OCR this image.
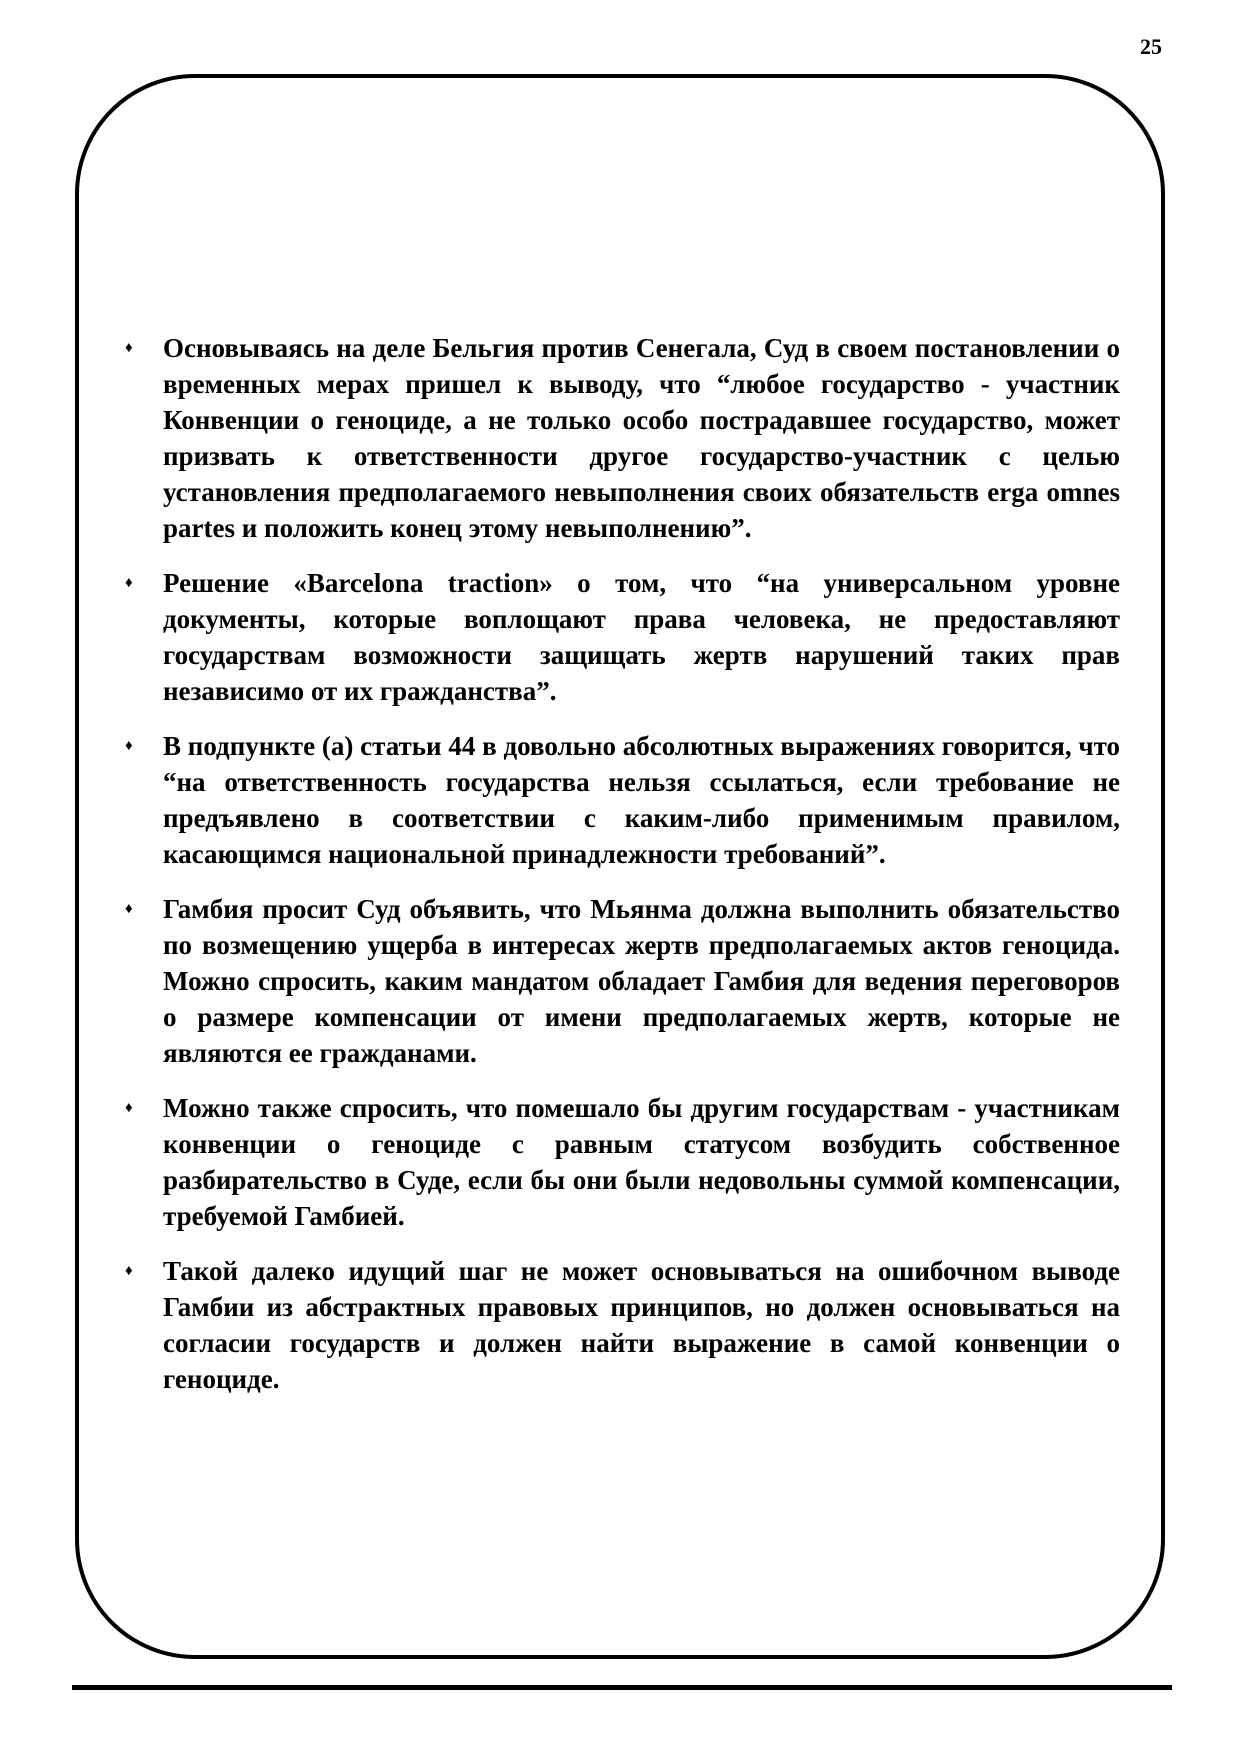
25
♦	Основываясь на деле Бельгия против Сенегала, Суд в своем постановлении о временных мерах пришел к выводу, что “любое государство - участник Конвенции о геноциде, а не только особо пострадавшее государство, может призвать к ответственности другое государство-участник с целью установления предполагаемого невыполнения своих обязательств erga omnes partes и положить конец этому невыполнению”.
♦	Решение «Barcelona traction» о том, что “на универсальном уровне документы, которые воплощают права человека, не предоставляют государствам возможности защищать жертв нарушений таких прав независимо от их гражданства”.
♦	В подпункте (a) статьи 44 в довольно абсолютных выражениях говорится, что “на ответственность государства нельзя ссылаться, если требование не предъявлено в соответствии с каким-либо применимым правилом, касающимся национальной принадлежности требований”.
♦	Гамбия просит Суд объявить, что Мьянма должна выполнить обязательство по возмещению ущерба в интересах жертв предполагаемых актов геноцида. Можно спросить, каким мандатом обладает Гамбия для ведения переговоров о размере компенсации от имени предполагаемых жертв, которые не являются ее гражданами.
♦	Можно также спросить, что помешало бы другим государствам - участникам конвенции о геноциде с равным статусом возбудить собственное разбирательство в Суде, если бы они были недовольны суммой компенсации, требуемой Гамбией.
♦	Такой далеко идущий шаг не может основываться на ошибочном выводе Гамбии из абстрактных правовых принципов, но должен основываться на согласии государств и должен найти выражение в самой конвенции о геноциде.
